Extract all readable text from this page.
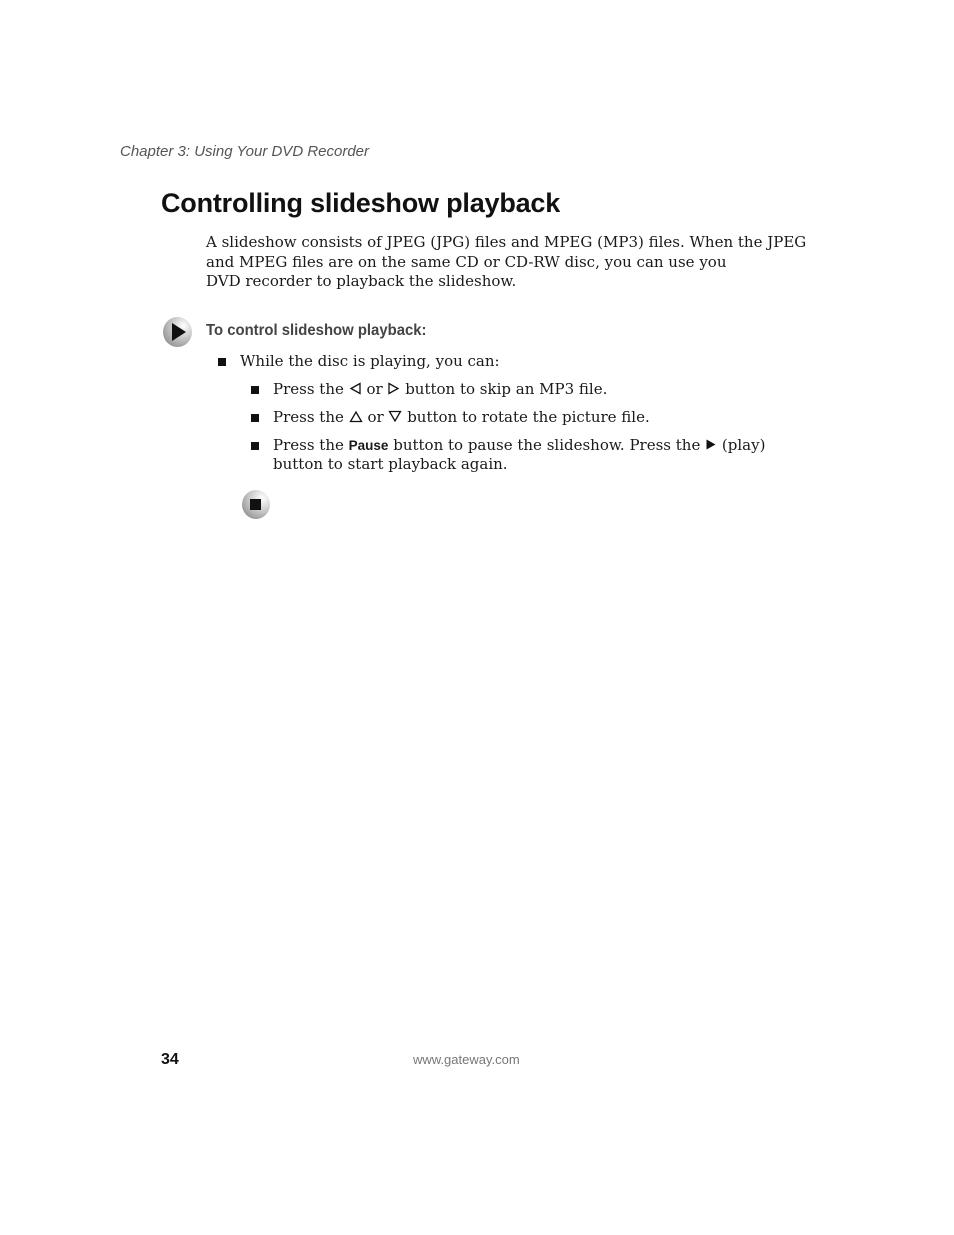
Chapter 3: Using Your DVD Recorder
Controlling slideshow playback

A slideshow consists of JPEG (JPG) files and MPEG (MP3) files. When the JPEG
and MPEG files are on the same CD or CD-RW disc, you can use you
DVD recorder to playback the slideshow.

To control slideshow playback:
While the disc is playing, you can:
Press the or button to skip an MP3 file.
Press the or button to rotate the picture file.
Press the Pause button to pause the slideshow. Press the (play)
button to start playback again.
34	www.gateway.com
